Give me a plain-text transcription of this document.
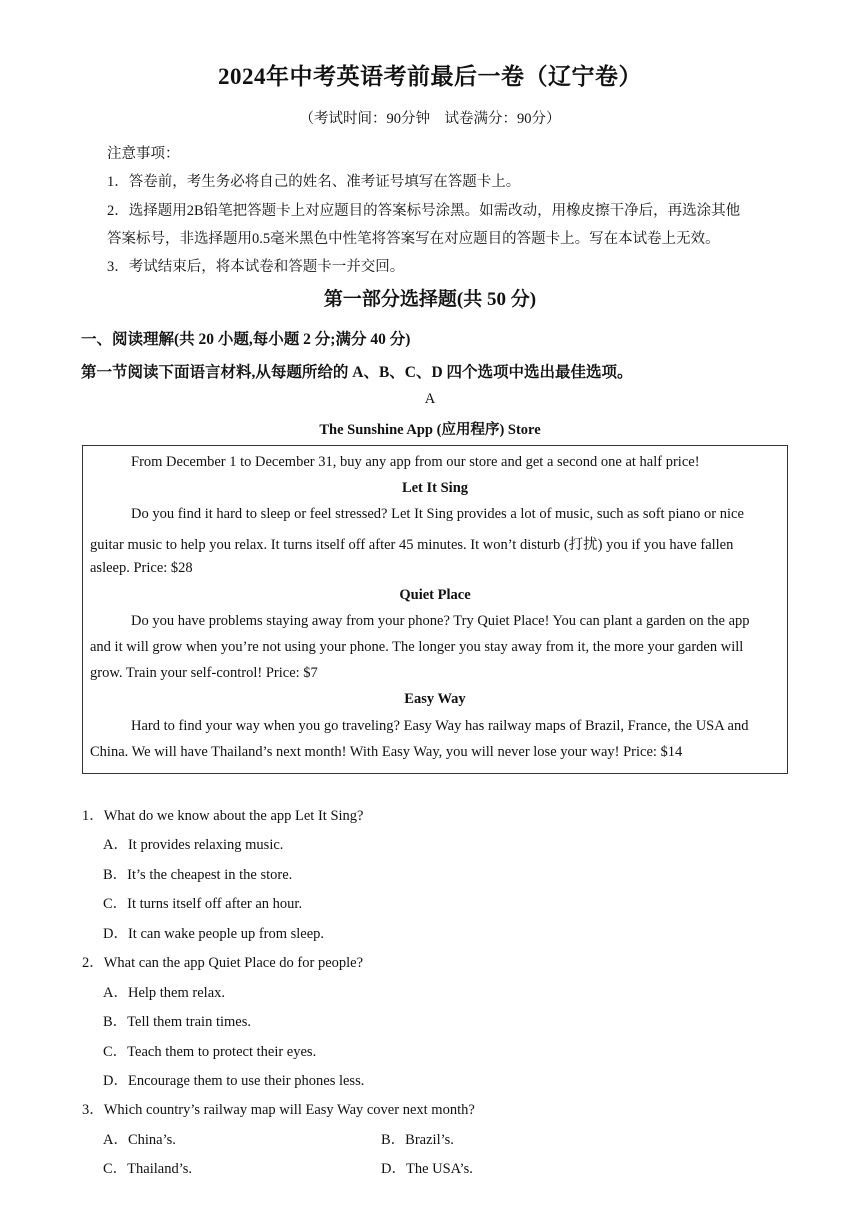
2024年中考英语考前最后一卷（辽宁卷）
（考试时间：90分钟　试卷满分：90分）
注意事项：
1．答卷前，考生务必将自己的姓名、准考证号填写在答题卡上。
2．选择题用2B铅笔把答题卡上对应题目的答案标号涂黑。如需改动，用橡皮擦干净后，再选涂其他
答案标号，非选择题用0.5毫米黑色中性笔将答案写在对应题目的答题卡上。写在本试卷上无效。
3．考试结束后，将本试卷和答题卡一并交回。
第一部分选择题(共 50 分)
一、阅读理解(共 20 小题,每小题 2 分;满分 40 分)
第一节阅读下面语言材料,从每题所给的 A、B、C、D 四个选项中选出最佳选项。
A
The Sunshine App (应用程序) Store
From December 1 to December 31, buy any app from our store and get a second one at half price!
Let It Sing
Do you find it hard to sleep or feel stressed? Let It Sing provides a lot of music, such as soft piano or nice
guitar music to help you relax. It turns itself off after 45 minutes. It won’t disturb (打扰) you if you have fallen
asleep. Price: $28
Quiet Place
Do you have problems staying away from your phone? Try Quiet Place! You can plant a garden on the app
and it will grow when you’re not using your phone. The longer you stay away from it, the more your garden will
grow. Train your self-control! Price: $7
Easy Way
Hard to find your way when you go traveling? Easy Way has railway maps of Brazil, France, the USA and
China. We will have Thailand’s next month! With Easy Way, you will never lose your way! Price: $14
1．What do we know about the app Let It Sing?
A．It provides relaxing music.
B．It’s the cheapest in the store.
C．It turns itself off after an hour.
D．It can wake people up from sleep.
2．What can the app Quiet Place do for people?
A．Help them relax.
B．Tell them train times.
C．Teach them to protect their eyes.
D．Encourage them to use their phones less.
3．Which country’s railway map will Easy Way cover next month?
A．China’s.	B．Brazil’s.
C．Thailand’s.	D．The USA’s.
